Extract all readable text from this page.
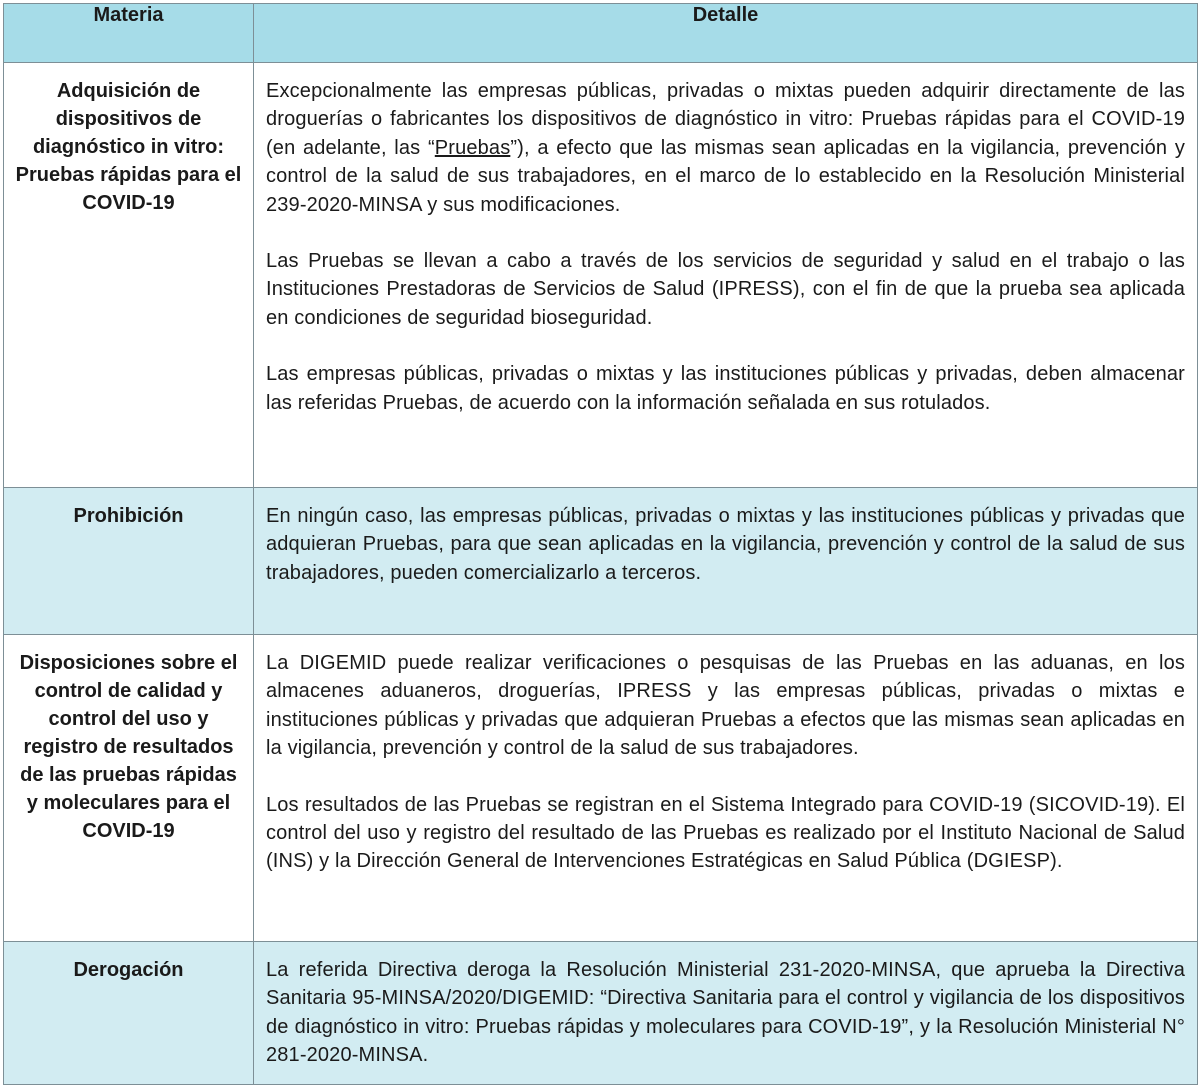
Materia	Detalle
Adquisición de dispositivos de diagnóstico in vitro: Pruebas rápidas para el COVID-19	Excepcionalmente las empresas públicas, privadas o mixtas pueden adquirir directamente de las droguerías o fabricantes los dispositivos de diagnóstico in vitro: Pruebas rápidas para el COVID-19 (en adelante, las “Pruebas”), a efecto que las mismas sean aplicadas en la vigilancia, prevención y control de la salud de sus trabajadores, en el marco de lo establecido en la Resolución Ministerial 239-2020-MINSA y sus modificaciones.

Las Pruebas se llevan a cabo a través de los servicios de seguridad y salud en el trabajo o las Instituciones Prestadoras de Servicios de Salud (IPRESS), con el fin de que la prueba sea aplicada en condiciones de seguridad bioseguridad.

Las empresas públicas, privadas o mixtas y las instituciones públicas y privadas, deben almacenar las referidas Pruebas, de acuerdo con la información señalada en sus rotulados.

Prohibición	En ningún caso, las empresas públicas, privadas o mixtas y las instituciones públicas y privadas que adquieran Pruebas, para que sean aplicadas en la vigilancia, prevención y control de la salud de sus trabajadores, pueden comercializarlo a terceros.

Disposiciones sobre el control de calidad y control del uso y registro de resultados de las pruebas rápidas y moleculares para el COVID-19	La DIGEMID puede realizar verificaciones o pesquisas de las Pruebas en las aduanas, en los almacenes aduaneros, droguerías, IPRESS y las empresas públicas, privadas o mixtas e instituciones públicas y privadas que adquieran Pruebas a efectos que las mismas sean aplicadas en la vigilancia, prevención y control de la salud de sus trabajadores.

Los resultados de las Pruebas se registran en el Sistema Integrado para COVID-19 (SICOVID-19). El control del uso y registro del resultado de las Pruebas es realizado por el Instituto Nacional de Salud (INS) y la Dirección General de Intervenciones Estratégicas en Salud Pública (DGIESP).

Derogación	La referida Directiva deroga la Resolución Ministerial 231-2020-MINSA, que aprueba la Directiva Sanitaria 95-MINSA/2020/DIGEMID: “Directiva Sanitaria para el control y vigilancia de los dispositivos de diagnóstico in vitro: Pruebas rápidas y moleculares para COVID-19”, y la Resolución Ministerial N° 281-2020-MINSA.
